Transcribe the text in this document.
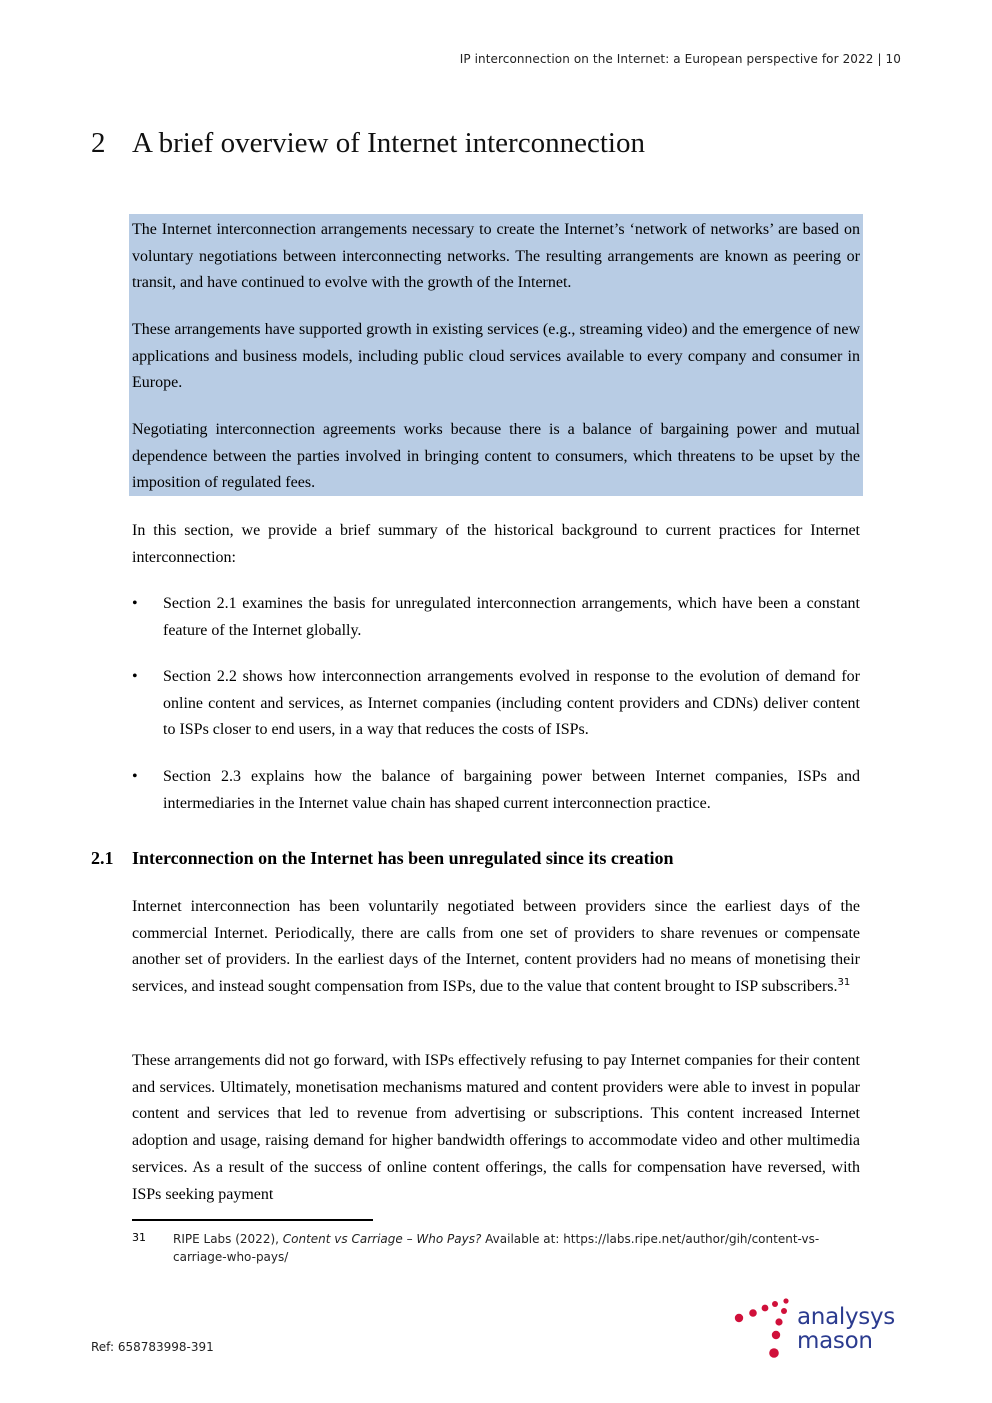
IP interconnection on the Internet: a European perspective for 2022 | 10
2 A brief overview of Internet interconnection

The Internet interconnection arrangements necessary to create the Internet’s ‘network of networks’ are based on voluntary negotiations between interconnecting networks. The resulting arrangements are known as peering or transit, and have continued to evolve with the growth of the Internet.

These arrangements have supported growth in existing services (e.g., streaming video) and the emergence of new applications and business models, including public cloud services available to every company and consumer in Europe.

Negotiating interconnection agreements works because there is a balance of bargaining power and mutual dependence between the parties involved in bringing content to consumers, which threatens to be upset by the imposition of regulated fees.

In this section, we provide a brief summary of the historical background to current practices for Internet interconnection:

• Section 2.1 examines the basis for unregulated interconnection arrangements, which have been a constant feature of the Internet globally.

• Section 2.2 shows how interconnection arrangements evolved in response to the evolution of demand for online content and services, as Internet companies (including content providers and CDNs) deliver content to ISPs closer to end users, in a way that reduces the costs of ISPs.

• Section 2.3 explains how the balance of bargaining power between Internet companies, ISPs and intermediaries in the Internet value chain has shaped current interconnection practice.

2.1 Interconnection on the Internet has been unregulated since its creation

Internet interconnection has been voluntarily negotiated between providers since the earliest days of the commercial Internet. Periodically, there are calls from one set of providers to share revenues or compensate another set of providers. In the earliest days of the Internet, content providers had no means of monetising their services, and instead sought compensation from ISPs, due to the value that content brought to ISP subscribers.$^{31}$

These arrangements did not go forward, with ISPs effectively refusing to pay Internet companies for their content and services. Ultimately, monetisation mechanisms matured and content providers were able to invest in popular content and services that led to revenue from advertising or subscriptions. This content increased Internet adoption and usage, raising demand for higher bandwidth offerings to accommodate video and other multimedia services. As a result of the success of online content offerings, the calls for compensation have reversed, with ISPs seeking payment

31 RIPE Labs (2022), Content vs Carriage – Who Pays? Available at: https://labs.ripe.net/author/gih/content-vs-carriage-who-pays/

Ref: 658783998-391
analysys
mason
